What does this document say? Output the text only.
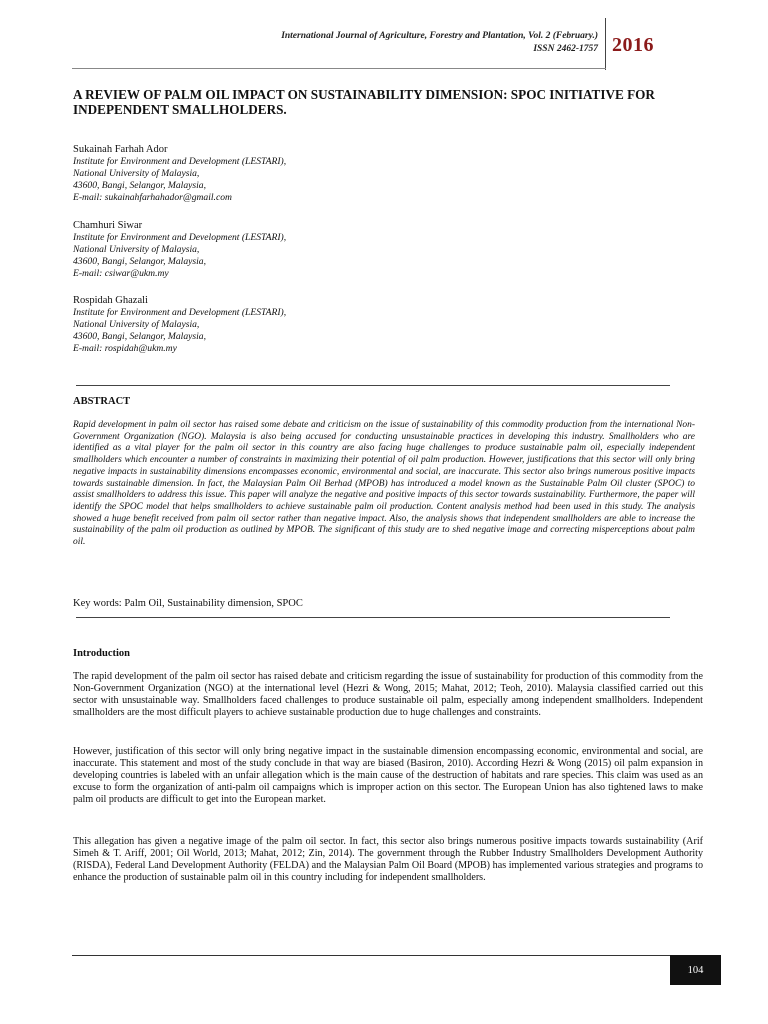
International Journal of Agriculture, Forestry and Plantation, Vol. 2 (February.)
ISSN 2462-1757 2016
A REVIEW OF PALM OIL IMPACT ON SUSTAINABILITY DIMENSION: SPOC INITIATIVE FOR INDEPENDENT SMALLHOLDERS.
Sukainah Farhah Ador
Institute for Environment and Development (LESTARI),
National University of Malaysia,
43600, Bangi, Selangor, Malaysia,
E-mail: sukainahfarhahador@gmail.com
Chamhuri Siwar
Institute for Environment and Development (LESTARI),
National University of Malaysia,
43600, Bangi, Selangor, Malaysia,
E-mail: csiwar@ukm.my
Rospidah Ghazali
Institute for Environment and Development (LESTARI),
National University of Malaysia,
43600, Bangi, Selangor, Malaysia,
E-mail: rospidah@ukm.my
ABSTRACT
Rapid development in palm oil sector has raised some debate and criticism on the issue of sustainability of this commodity production from the international Non-Government Organization (NGO). Malaysia is also being accused for conducting unsustainable practices in developing this industry. Smallholders who are identified as a vital player for the palm oil sector in this country are also facing huge challenges to produce sustainable palm oil, especially independent smallholders which encounter a number of constraints in maximizing their potential of oil palm production. However, justifications that this sector will only bring negative impacts in sustainability dimensions encompasses economic, environmental and social, are inaccurate. This sector also brings numerous positive impacts towards sustainable dimension. In fact, the Malaysian Palm Oil Berhad (MPOB) has introduced a model known as the Sustainable Palm Oil cluster (SPOC) to assist smallholders to address this issue. This paper will analyze the negative and positive impacts of this sector towards sustainability. Furthermore, the paper will identify the SPOC model that helps smallholders to achieve sustainable palm oil production. Content analysis method had been used in this study. The analysis showed a huge benefit received from palm oil sector rather than negative impact. Also, the analysis shows that independent smallholders are able to increase the sustainability of the palm oil production as outlined by MPOB. The significant of this study are to shed negative image and correcting misperceptions about palm oil.
Key words: Palm Oil, Sustainability dimension, SPOC
Introduction
The rapid development of the palm oil sector has raised debate and criticism regarding the issue of sustainability for production of this commodity from the Non-Government Organization (NGO) at the international level (Hezri & Wong, 2015; Mahat, 2012; Teoh, 2010). Malaysia classified carried out this sector with unsustainable way. Smallholders faced challenges to produce sustainable oil palm, especially among independent smallholders. Independent smallholders are the most difficult players to achieve sustainable production due to huge challenges and constraints.
However, justification of this sector will only bring negative impact in the sustainable dimension encompassing economic, environmental and social, are inaccurate. This statement and most of the study conclude in that way are biased (Basiron, 2010). According Hezri & Wong (2015) oil palm expansion in developing countries is labeled with an unfair allegation which is the main cause of the destruction of habitats and rare species. This claim was used as an excuse to form the organization of anti-palm oil campaigns which is improper action on this sector. The European Union has also tightened laws to make palm oil products are difficult to get into the European market.
This allegation has given a negative image of the palm oil sector. In fact, this sector also brings numerous positive impacts towards sustainability (Arif Simeh & T. Ariff, 2001; Oil World, 2013; Mahat, 2012; Zin, 2014). The government through the Rubber Industry Smallholders Development Authority (RISDA), Federal Land Development Authority (FELDA) and the Malaysian Palm Oil Board (MPOB) has implemented various strategies and programs to enhance the production of sustainable palm oil in this country including for independent smallholders.
104
